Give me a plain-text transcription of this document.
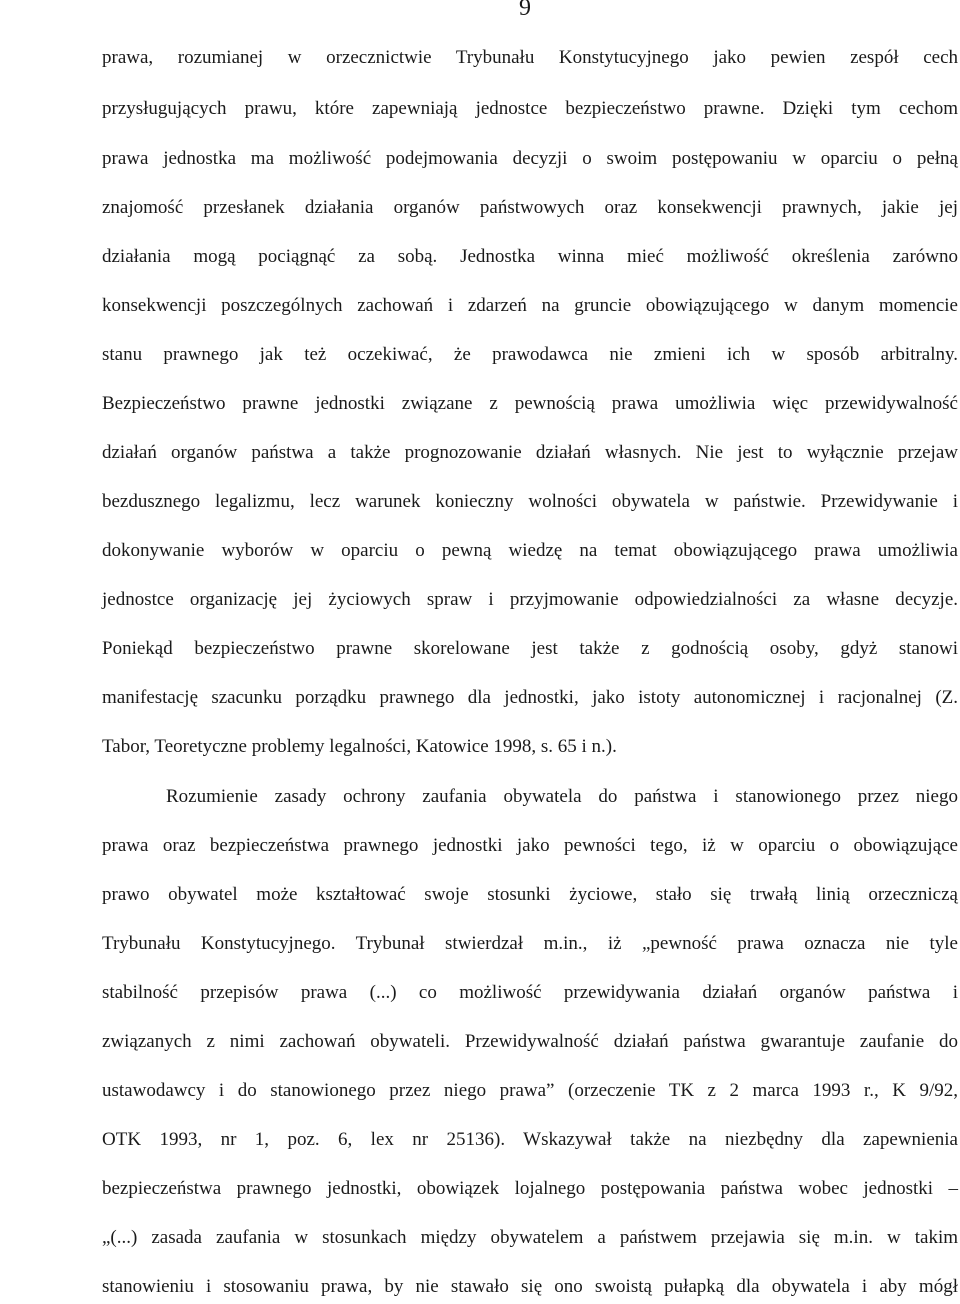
9
prawa, rozumianej w orzecznictwie Trybunału Konstytucyjnego jako pewien zespół cech
przysługujących prawu, które zapewniają jednostce bezpieczeństwo prawne. Dzięki tym cechom
prawa jednostka ma możliwość podejmowania decyzji o swoim postępowaniu w oparciu o pełną
znajomość przesłanek działania organów państwowych oraz konsekwencji prawnych, jakie jej
działania mogą pociągnąć za sobą. Jednostka winna mieć możliwość określenia zarówno
konsekwencji poszczególnych zachowań i zdarzeń na gruncie obowiązującego w danym momencie
stanu prawnego jak też oczekiwać, że prawodawca nie zmieni ich w sposób arbitralny.
Bezpieczeństwo prawne jednostki związane z pewnością prawa umożliwia więc przewidywalność
działań organów państwa a także prognozowanie działań własnych. Nie jest to wyłącznie przejaw
bezdusznego legalizmu, lecz warunek konieczny wolności obywatela w państwie. Przewidywanie i
dokonywanie wyborów w oparciu o pewną wiedzę na temat obowiązującego prawa umożliwia
jednostce organizację jej życiowych spraw i przyjmowanie odpowiedzialności za własne decyzje.
Poniekąd bezpieczeństwo prawne skorelowane jest także z godnością osoby, gdyż stanowi
manifestację szacunku porządku prawnego dla jednostki, jako istoty autonomicznej i racjonalnej (Z.
Tabor, Teoretyczne problemy legalności, Katowice 1998, s. 65 i n.).
Rozumienie zasady ochrony zaufania obywatela do państwa i stanowionego przez niego
prawa oraz bezpieczeństwa prawnego jednostki jako pewności tego, iż w oparciu o obowiązujące
prawo obywatel może kształtować swoje stosunki życiowe, stało się trwałą linią orzeczniczą
Trybunału Konstytucyjnego. Trybunał stwierdzał m.in., iż „pewność prawa oznacza nie tyle
stabilność przepisów prawa (...) co możliwość przewidywania działań organów państwa i
związanych z nimi zachowań obywateli. Przewidywalność działań państwa gwarantuje zaufanie do
ustawodawcy i do stanowionego przez niego prawa” (orzeczenie TK z 2 marca 1993 r., K 9/92,
OTK 1993, nr 1, poz. 6, lex nr 25136). Wskazywał także na niezbędny dla zapewnienia
bezpieczeństwa prawnego jednostki, obowiązek lojalnego postępowania państwa wobec jednostki –
„(...) zasada zaufania w stosunkach między obywatelem a państwem przejawia się m.in. w takim
stanowieniu i stosowaniu prawa, by nie stawało się ono swoistą pułapką dla obywatela i aby mógł
